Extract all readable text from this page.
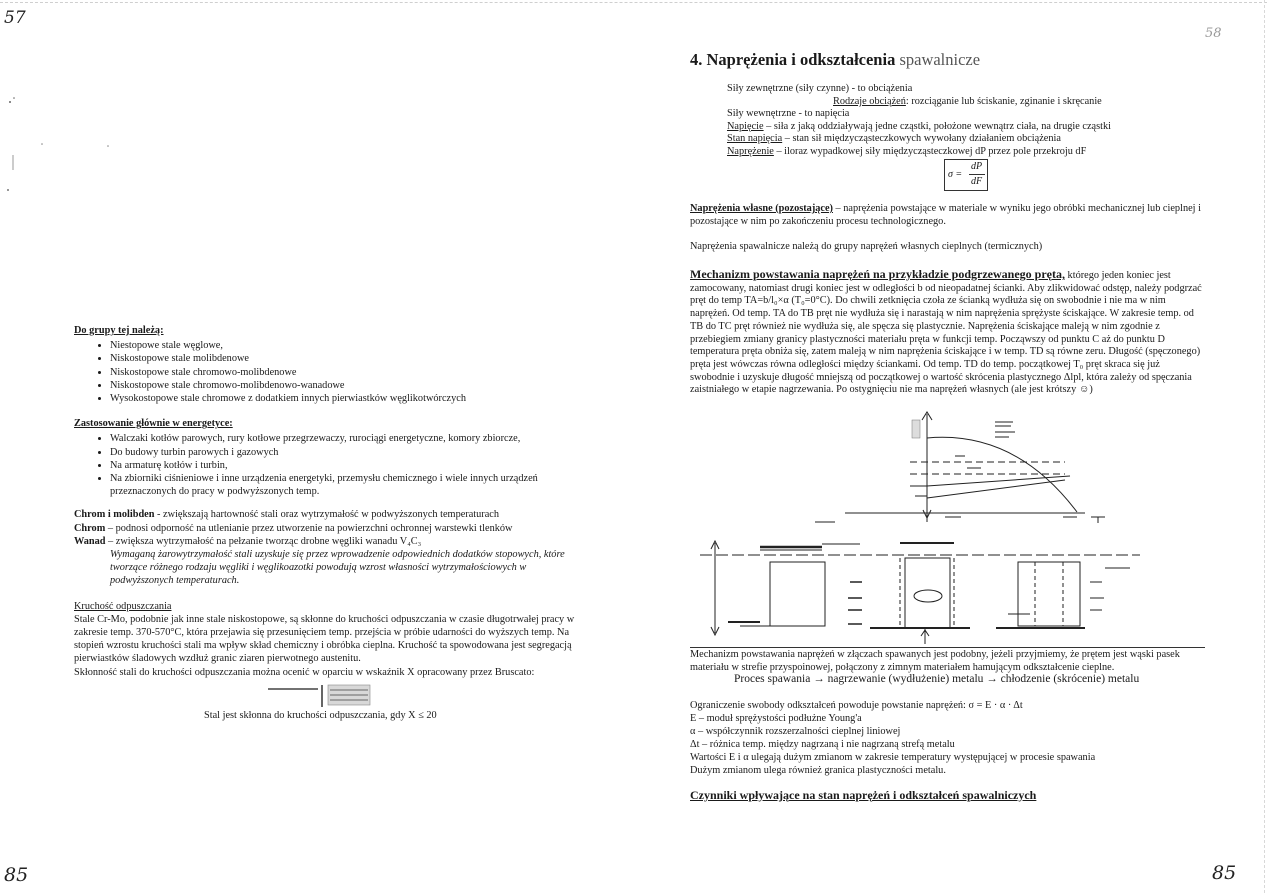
57
58
85	85
Do grupy tej należą:
• Niestopowe stale węglowe,
• Niskostopowe stale molibdenowe
• Niskostopowe stale chromowo-molibdenowe
• Niskostopowe stale chromowo-molibdenowo-wanadowe
• Wysokostopowe stale chromowe z dodatkiem innych pierwiastków węglikotwórczych
Zastosowanie głównie w energetyce:
• Walczaki kotłów parowych, rury kotłowe przegrzewaczy, rurociągi energetyczne, komory zbiorcze,
• Do budowy turbin parowych i gazowych
• Na armaturę kotłów i turbin,
• Na zbiorniki ciśnieniowe i inne urządzenia energetyki, przemysłu chemicznego i wiele innych urządzeń przeznaczonych do pracy w podwyższonych temp.

Chrom i molibden - zwiększają hartowność stali oraz wytrzymałość w podwyższonych temperaturach

Chrom – podnosi odporność na utlenianie przez utworzenie na powierzchni ochronnej warstewki tlenków

Wanad – zwiększa wytrzymałość na pełzanie tworząc drobne węgliki wanadu V₄C₃

Wymaganą żarowytrzymałość stali uzyskuje się przez wprowadzenie odpowiednich dodatków stopowych, które tworzące różnego rodzaju węgliki i węglikoazotki powodują wzrost własności wytrzymałościowych w podwyższonych temperaturach.

Kruchość odpuszczania

Stale Cr-Mo, podobnie jak inne stale niskostopowe, są skłonne do kruchości odpuszczania w czasie długotrwałej pracy w zakresie temp. 370-570°C, która przejawia się przesunięciem temp. przejścia w próbie udarności do wyższych temp. Na stopień wzrostu kruchości stali ma wpływ skład chemiczny i obróbka cieplna. Kruchość ta spowodowana jest segregacją pierwiastków śladowych wzdłuż granic ziaren pierwotnego austenitu.

Skłonność stali do kruchości odpuszczania można ocenić w oparciu w wskaźnik X opracowany przez Bruscato:

Stal jest skłonna do kruchości odpuszczania, gdy X ≤ 20
4. Naprężenia i odkształcenia spawalnicze
Siły zewnętrzne (siły czynne) - to obciążenia
Rodzaje obciążeń: rozciąganie lub ściskanie, zginanie i skręcanie
Siły wewnętrzne - to napięcia
Napięcie – siła z jaką oddziaływają jedne cząstki, położone wewnątrz ciała, na drugie cząstki
Stan napięcia – stan sił międzycząsteczkowych wywołany działaniem obciążenia
Naprężenie – iloraz wypadkowej siły międzycząsteczkowej dP przez pole przekroju dF
σ =
dP
dF
Naprężenia własne (pozostające) – naprężenia powstające w materiale w wyniku jego obróbki mechanicznej lub cieplnej i pozostające w nim po zakończeniu procesu technologicznego.
Naprężenia spawalnicze należą do grupy naprężeń własnych cieplnych (termicznych)
Mechanizm powstawania naprężeń na przykładzie podgrzewanego pręta, którego jeden koniec jest zamocowany, natomiast drugi koniec jest w odległości b od nieopadatnej ścianki. Aby zlikwidować odstęp, należy podgrzać pręt do temp TA=b/l₀×α (T₀=0°C). Do chwili zetknięcia czoła ze ścianką wydłuża się on swobodnie i nie ma w nim naprężeń. Od temp. TA do TB pręt nie wydłuża się i narastają w nim naprężenia sprężyste ściskające. W zakresie temp. od TB do TC pręt również nie wydłuża się, ale spęcza się plastycznie. Naprężenia ściskające maleją w nim zgodnie z przebiegiem zmiany granicy plastyczności materiału pręta w funkcji temp. Począwszy od punktu C aż do punktu D temperatura pręta obniża się, zatem maleją w nim naprężenia ściskające i w temp. TD są równe zeru. Długość (spęczonego) pręta jest wówczas równa odległości między ściankami. Od temp. TD do temp. początkowej T₀ pręt skraca się już swobodnie i uzyskuje długość mniejszą od początkowej o wartość skrócenia plastycznego Δlpl, która zależy od spęczania zaistniałego w etapie nagrzewania. Po ostygnięciu nie ma naprężeń własnych (ale jest krótszy ☺)
Mechanizm powstawania naprężeń w złączach spawanych jest podobny, jeżeli przyjmiemy, że prętem jest wąski pasek materiału w strefie przyspoinowej, połączony z zimnym materiałem hamującym odkształcenie cieplne.
Proces spawania → nagrzewanie (wydłużenie) metalu → chłodzenie (skrócenie) metalu
Ograniczenie swobody odkształceń powoduje powstanie naprężeń: σ = E · α · Δt
E – moduł sprężystości podłużne Young'a
α – współczynnik rozszerzalności cieplnej liniowej
Δt – różnica temp. między nagrzaną i nie nagrzaną strefą metalu
Wartości E i α ulegają dużym zmianom w zakresie temperatury występującej w procesie spawania
Dużym zmianom ulega również granica plastyczności metalu.
Czynniki wpływające na stan naprężeń i odkształceń spawalniczych
